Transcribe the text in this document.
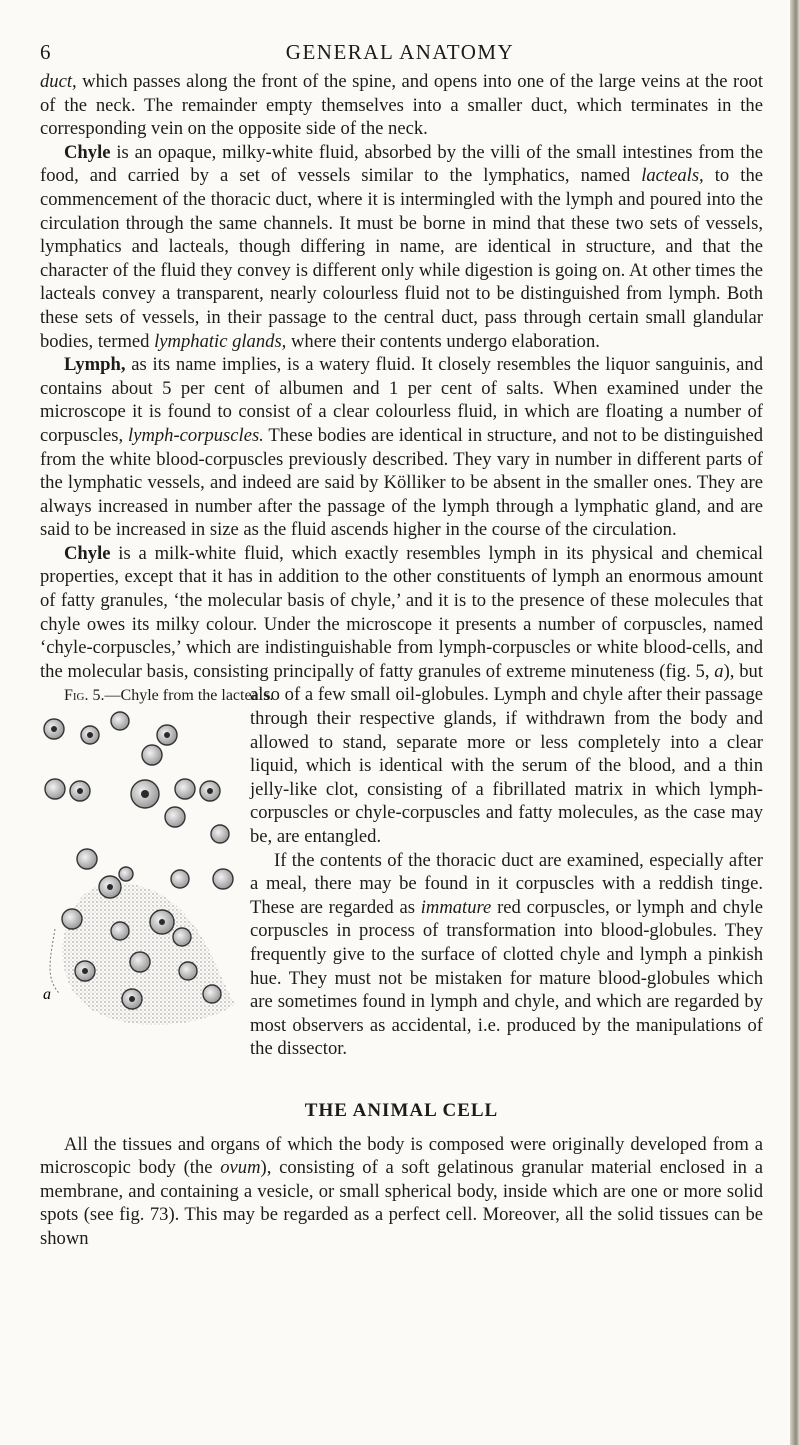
6	GENERAL ANATOMY

duct, which passes along the front of the spine, and opens into one of the large veins at the root of the neck. The remainder empty themselves into a smaller duct, which terminates in the corresponding vein on the opposite side of the neck.

Chyle is an opaque, milky-white fluid, absorbed by the villi of the small intestines from the food, and carried by a set of vessels similar to the lymphatics, named lacteals, to the commencement of the thoracic duct, where it is intermingled with the lymph and poured into the circulation through the same channels. It must be borne in mind that these two sets of vessels, lymphatics and lacteals, though differing in name, are identical in structure, and that the character of the fluid they convey is different only while digestion is going on. At other times the lacteals convey a transparent, nearly colourless fluid not to be distinguished from lymph. Both these sets of vessels, in their passage to the central duct, pass through certain small glandular bodies, termed lymphatic glands, where their contents undergo elaboration.

Lymph, as its name implies, is a watery fluid. It closely resembles the liquor sanguinis, and contains about 5 per cent of albumen and 1 per cent of salts. When examined under the microscope it is found to consist of a clear colourless fluid, in which are floating a number of corpuscles, lymph-corpuscles. These bodies are identical in structure, and not to be distinguished from the white blood-corpuscles previously described. They vary in number in different parts of the lymphatic vessels, and indeed are said by Kölliker to be absent in the smaller ones. They are always increased in number after the passage of the lymph through a lymphatic gland, and are said to be increased in size as the fluid ascends higher in the course of the circulation.

Chyle is a milk-white fluid, which exactly resembles lymph in its physical and chemical properties, except that it has in addition to the other constituents of lymph an enormous amount of fatty granules, ‘the molecular basis of chyle,’ and it is to the presence of these molecules that chyle owes its milky colour. Under the microscope it presents a number of corpuscles, named ‘chyle-corpuscles,’ which are indistinguishable from lymph-corpuscles or white blood-cells, and the molecular basis, consisting principally of fatty granules of extreme minuteness (fig. 5,
Fig. 5.—Chyle from the lacteals.
a
a), but also of a few small oil-globules. Lymph and chyle after their passage through their respective glands, if withdrawn from the body and allowed to stand, separate more or less completely into a clear liquid, which is identical with the serum of the blood, and a thin jelly-like clot, consisting of a fibrillated matrix in which lymph-corpuscles or chyle-corpuscles and fatty molecules, as the case may be, are entangled.

If the contents of the thoracic duct are examined, especially after a meal, there may be found in it corpuscles with a reddish tinge. These are regarded as immature red corpuscles, or lymph and chyle corpuscles in process of transformation into blood-globules. They frequently give to the surface of clotted chyle and lymph a pinkish hue. They must not be mistaken for mature blood-globules which are sometimes found in lymph and chyle, and which are regarded by most observers as accidental, i.e. produced by the manipulations of the dissector.

THE ANIMAL CELL

All the tissues and organs of which the body is composed were originally developed from a microscopic body (the ovum), consisting of a soft gelatinous granular material enclosed in a membrane, and containing a vesicle, or small spherical body, inside which are one or more solid spots (see fig. 73). This may be regarded as a perfect cell. Moreover, all the solid tissues can be shown
